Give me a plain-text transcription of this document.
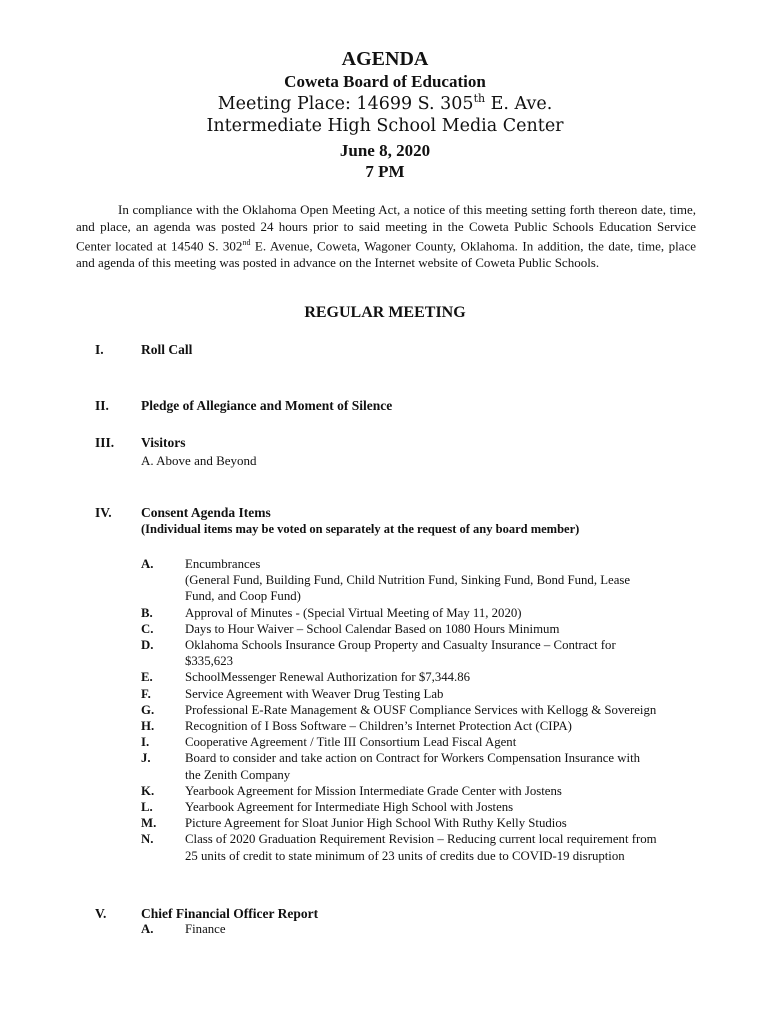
AGENDA
Coweta Board of Education
Meeting Place: 14699 S. 305th E. Ave.
Intermediate High School Media Center
June 8, 2020
7 PM
In compliance with the Oklahoma Open Meeting Act, a notice of this meeting setting forth thereon date, time, and place, an agenda was posted 24 hours prior to said meeting in the Coweta Public Schools Education Service Center located at 14540 S. 302nd E. Avenue, Coweta, Wagoner County, Oklahoma. In addition, the date, time, place and agenda of this meeting was posted in advance on the Internet website of Coweta Public Schools.
REGULAR MEETING
I.	Roll Call
II.	Pledge of Allegiance and Moment of Silence
III.	Visitors
A. Above and Beyond
IV.	Consent Agenda Items
(Individual items may be voted on separately at the request of any board member)
A.	Encumbrances
(General Fund, Building Fund, Child Nutrition Fund, Sinking Fund, Bond Fund, Lease
Fund, and Coop Fund)
B.	Approval of Minutes - (Special Virtual Meeting of May 11, 2020)
C.	Days to Hour Waiver – School Calendar Based on 1080 Hours Minimum
D.	Oklahoma Schools Insurance Group Property and Casualty Insurance – Contract for
$335,623
E.	SchoolMessenger Renewal Authorization for $7,344.86
F.	Service Agreement with Weaver Drug Testing Lab
G.	Professional E-Rate Management & OUSF Compliance Services with Kellogg & Sovereign
H.	Recognition of I Boss Software – Children’s Internet Protection Act (CIPA)
I.	Cooperative Agreement / Title III Consortium Lead Fiscal Agent
J.	Board to consider and take action on Contract for Workers Compensation Insurance with
the Zenith Company
K.	Yearbook Agreement for Mission Intermediate Grade Center with Jostens
L.	Yearbook Agreement for Intermediate High School with Jostens
M.	Picture Agreement for Sloat Junior High School With Ruthy Kelly Studios
N.	Class of 2020 Graduation Requirement Revision – Reducing current local requirement from
25 units of credit to state minimum of 23 units of credits due to COVID-19 disruption
V.	Chief Financial Officer Report
A.	Finance
